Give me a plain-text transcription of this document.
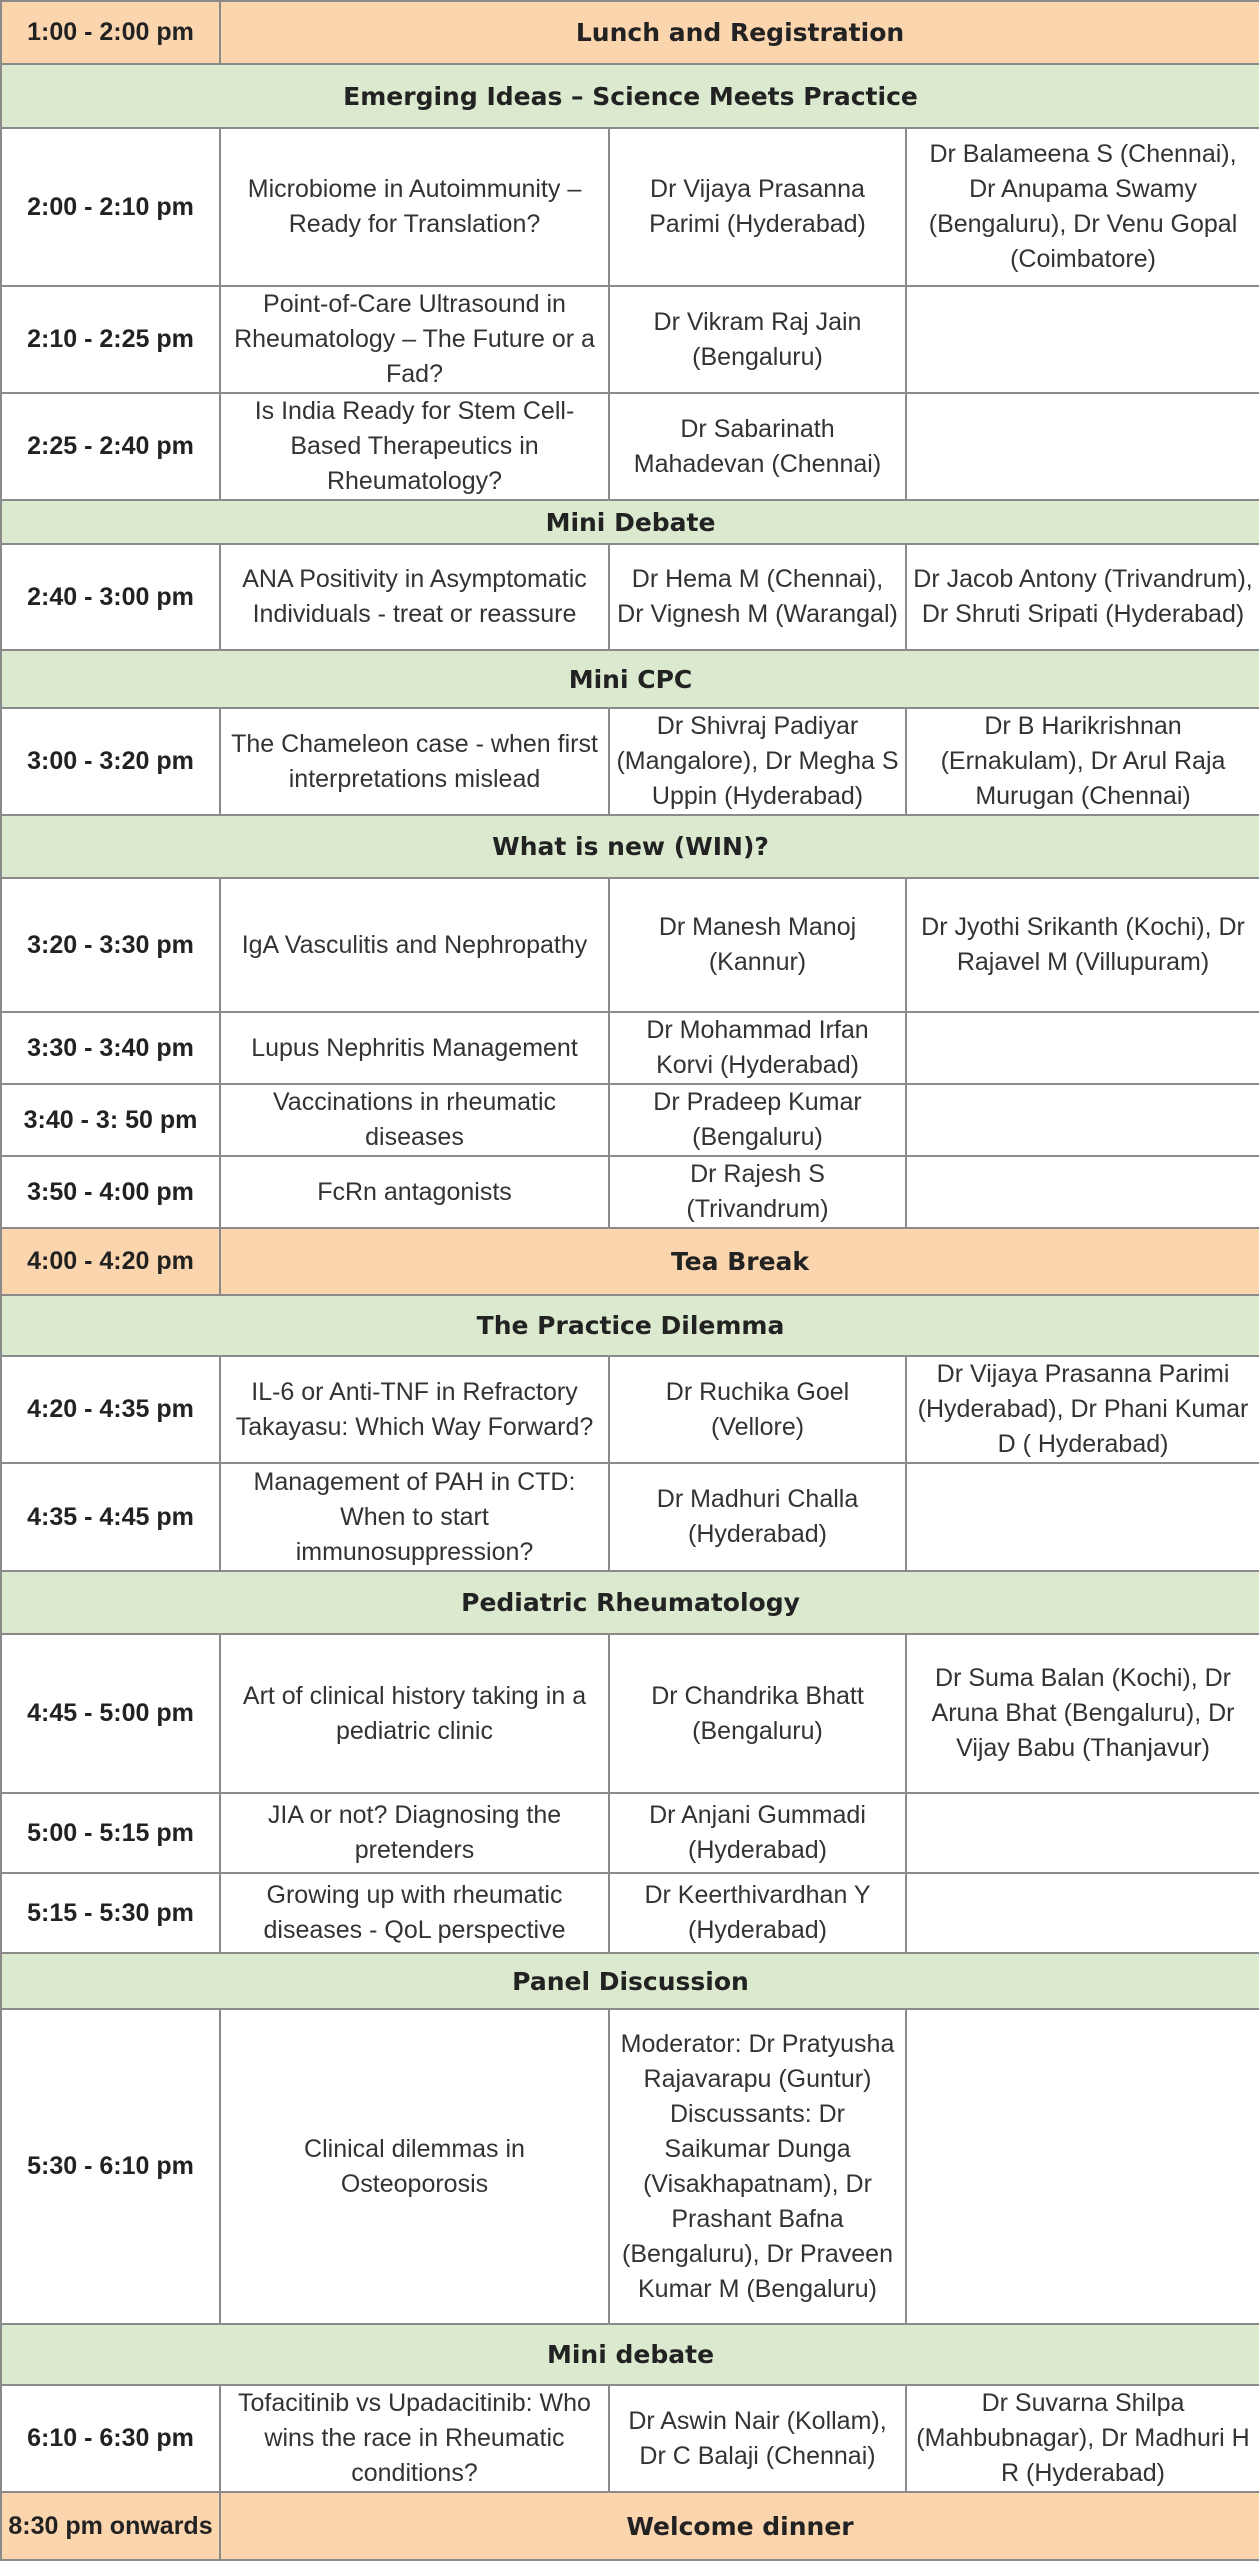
1:00 - 2:00 pm	Lunch and Registration		
Emerging Ideas – Science Meets Practice			
2:00 - 2:10 pm	Microbiome in Autoimmunity – Ready for Translation?	Dr Vijaya Prasanna Parimi (Hyderabad)	Dr Balameena S (Chennai), Dr Anupama Swamy (Bengaluru), Dr Venu Gopal (Coimbatore)
2:10 - 2:25 pm	Point-of-Care Ultrasound in Rheumatology – The Future or a Fad?	Dr Vikram Raj Jain (Bengaluru)	
2:25 - 2:40 pm	Is India Ready for Stem Cell-Based Therapeutics in Rheumatology?	Dr Sabarinath Mahadevan (Chennai)	
Mini Debate			
2:40 - 3:00 pm	ANA Positivity in Asymptomatic Individuals - treat or reassure	Dr Hema M (Chennai), Dr Vignesh M (Warangal)	Dr Jacob Antony (Trivandrum), Dr Shruti Sripati (Hyderabad)
Mini CPC			
3:00 - 3:20 pm	The Chameleon case - when first interpretations mislead	Dr Shivraj Padiyar (Mangalore), Dr Megha S Uppin (Hyderabad)	Dr B Harikrishnan (Ernakulam), Dr Arul Raja Murugan (Chennai)
What is new (WIN)?			
3:20 - 3:30 pm	IgA Vasculitis and Nephropathy	Dr Manesh Manoj (Kannur)	Dr Jyothi Srikanth (Kochi), Dr Rajavel M (Villupuram)
3:30 - 3:40 pm	Lupus Nephritis Management	Dr Mohammad Irfan Korvi (Hyderabad)	
3:40 - 3: 50 pm	Vaccinations in rheumatic diseases	Dr Pradeep Kumar (Bengaluru)	
3:50 - 4:00 pm	FcRn antagonists	Dr Rajesh S (Trivandrum)	
4:00 - 4:20 pm	Tea Break		
The Practice Dilemma			
4:20 - 4:35 pm	IL-6 or Anti-TNF in Refractory Takayasu: Which Way Forward?	Dr Ruchika Goel (Vellore)	Dr Vijaya Prasanna Parimi (Hyderabad), Dr Phani Kumar D ( Hyderabad)
4:35 - 4:45 pm	Management of PAH in CTD: When to start immunosuppression?	Dr Madhuri Challa (Hyderabad)	
Pediatric Rheumatology			
4:45 - 5:00 pm	Art of clinical history taking in a pediatric clinic	Dr Chandrika Bhatt (Bengaluru)	Dr Suma Balan (Kochi), Dr Aruna Bhat (Bengaluru), Dr Vijay Babu (Thanjavur)
5:00 - 5:15 pm	JIA or not? Diagnosing the pretenders	Dr Anjani Gummadi (Hyderabad)	
5:15 - 5:30 pm	Growing up with rheumatic diseases - QoL perspective	Dr Keerthivardhan Y (Hyderabad)	
Panel Discussion			
5:30 - 6:10 pm	Clinical dilemmas in Osteoporosis	Moderator: Dr Pratyusha Rajavarapu (Guntur) Discussants: Dr Saikumar Dunga (Visakhapatnam), Dr Prashant Bafna (Bengaluru), Dr Praveen Kumar M (Bengaluru)	
Mini debate			
6:10 - 6:30 pm	Tofacitinib vs Upadacitinib: Who wins the race in Rheumatic conditions?	Dr Aswin Nair (Kollam), Dr C Balaji (Chennai)	Dr Suvarna Shilpa (Mahbubnagar), Dr Madhuri H R (Hyderabad)
8:30 pm onwards	Welcome dinner		
